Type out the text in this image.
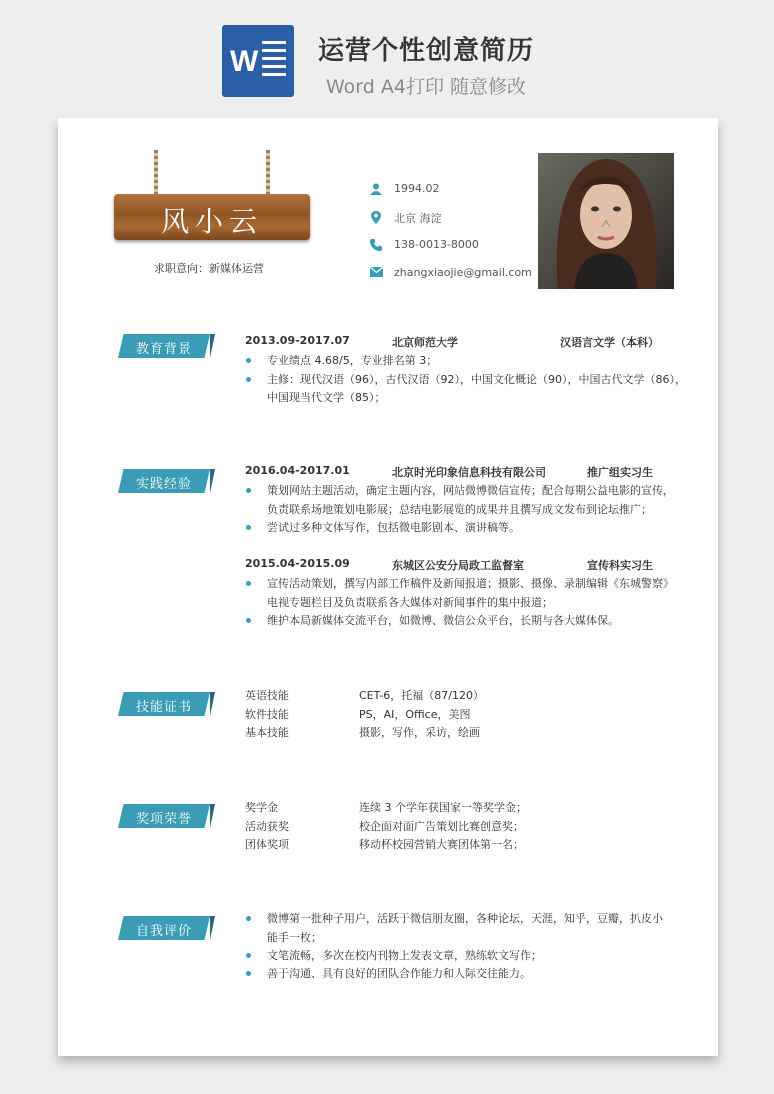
W 运营个性创意简历
Word A4打印 随意修改
风小云
求职意向：新媒体运营
1994.02
北京 海淀
138-0013-8000
zhangxiaojie@gmail.com
教育背景
2013.09-2017.07	北京师范大学	汉语言文学（本科）
专业绩点 4.68/5，专业排名第 3；
主修：现代汉语（96），古代汉语（92），中国文化概论（90），中国古代文学（86），
中国现当代文学（85）；
实践经验
2016.04-2017.01	北京时光印象信息科技有限公司	推广组实习生
策划网站主题活动，确定主题内容，网站微博微信宣传；配合每期公益电影的宣传，
负责联系场地策划电影展；总结电影展览的成果并且撰写成文发布到论坛推广；
尝试过多种文体写作，包括微电影剧本、演讲稿等。
2015.04-2015.09	东城区公安分局政工监督室	宣传科实习生
宣传活动策划，撰写内部工作稿件及新闻报道；摄影、摄像、录制编辑《东城警察》
电视专题栏目及负责联系各大媒体对新闻事件的集中报道；
维护本局新媒体交流平台，如微博、微信公众平台，长期与各大媒体保。
技能证书
英语技能	CET-6，托福（87/120）
软件技能	PS，AI，Office，美图
基本技能	摄影，写作，采访，绘画
奖项荣誉
奖学金	连续 3 个学年获国家一等奖学金；
活动获奖	校企面对面广告策划比赛创意奖；
团体奖项	移动杯校园营销大赛团体第一名；
自我评价
微博第一批种子用户，活跃于微信朋友圈，各种论坛，天涯，知乎，豆瓣，扒皮小
能手一枚；
文笔流畅，多次在校内刊物上发表文章，熟练软文写作；
善于沟通、具有良好的团队合作能力和人际交往能力。
